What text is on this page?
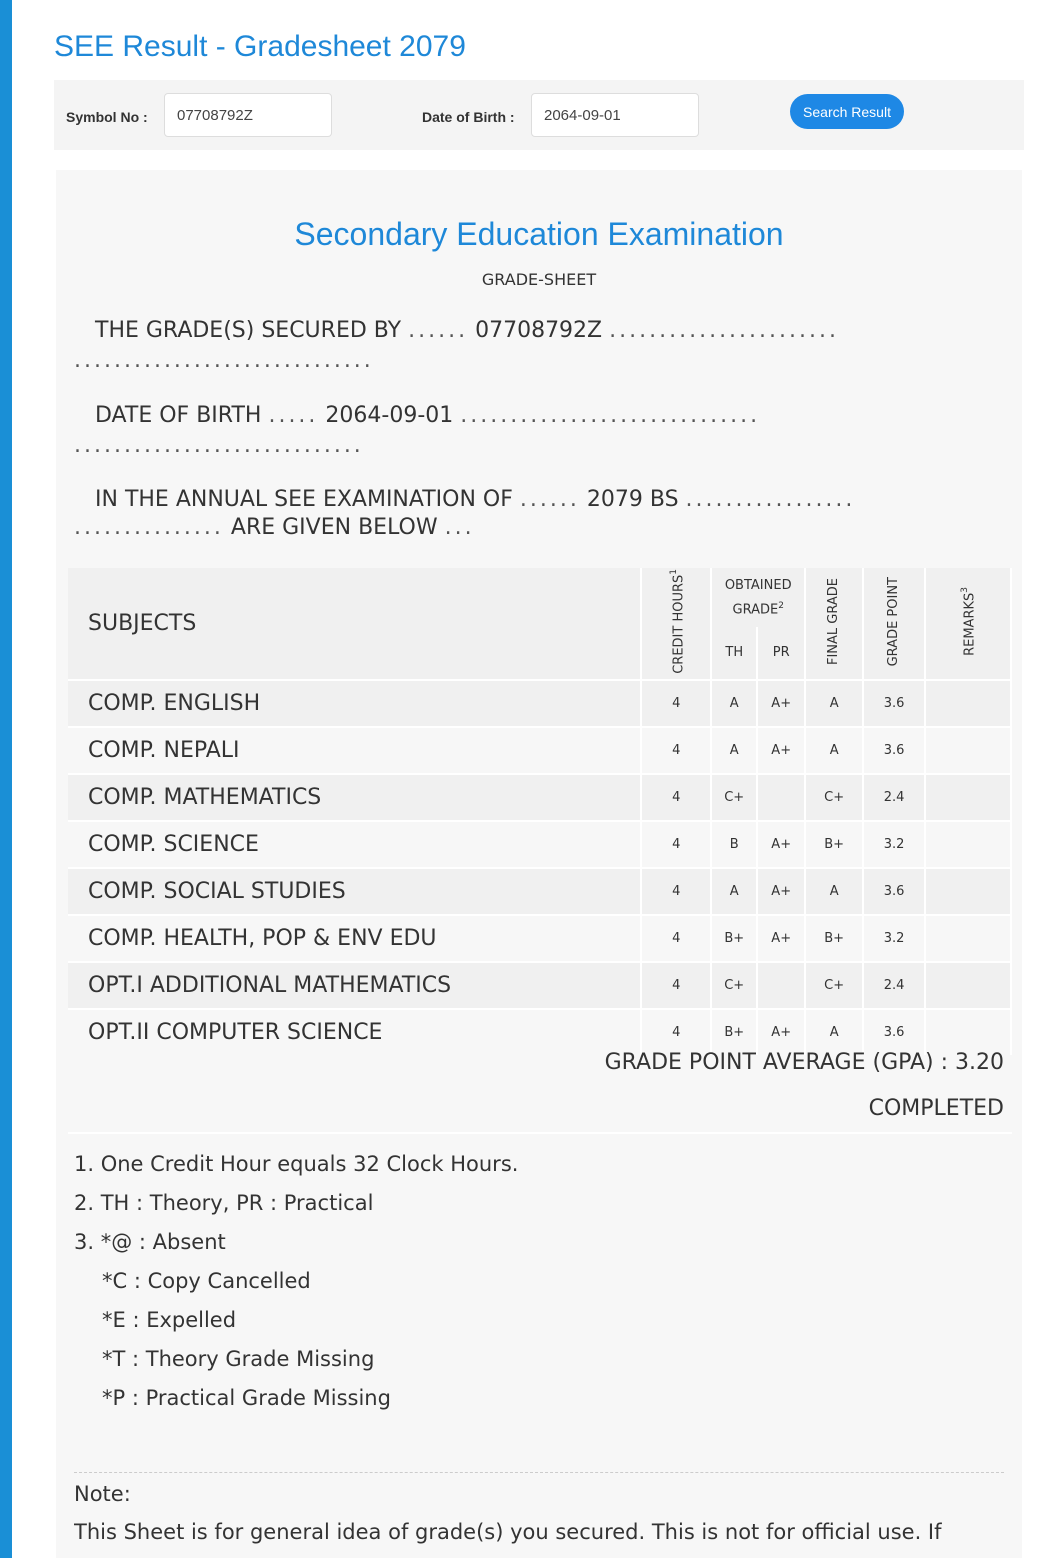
SEE Result - Gradesheet 2079
Symbol No :
07708792Z	Date of Birth :
2064-09-01	Search Result
Secondary Education Examination
GRADE-SHEET
THE GRADE(S) SECURED BY ...... 07708792Z .......................
..............................
DATE OF BIRTH ..... 2064-09-01 ..............................
.............................
IN THE ANNUAL SEE EXAMINATION OF ...... 2079 BS .................
............... ARE GIVEN BELOW ...
SUBJECTS	CREDIT HOURS$^1$	OBTAINED GRADE$^2$		FINAL GRADE	GRADE POINT	REMARKS$^3$
		TH	PR			
COMP. ENGLISH	4	A	A+	A	3.6	
COMP. NEPALI	4	A	A+	A	3.6	
COMP. MATHEMATICS	4	C+		C+	2.4	
COMP. SCIENCE	4	B	A+	B+	3.2	
COMP. SOCIAL STUDIES	4	A	A+	A	3.6	
COMP. HEALTH, POP & ENV EDU	4	B+	A+	B+	3.2	
OPT.I ADDITIONAL MATHEMATICS	4	C+		C+	2.4	
OPT.II COMPUTER SCIENCE	4	B+	A+	A	3.6	
GRADE POINT AVERAGE (GPA) : 3.20
COMPLETED
1. One Credit Hour equals 32 Clock Hours.
2. TH : Theory, PR : Practical
3. *@ : Absent
*C : Copy Cancelled
*E : Expelled
*T : Theory Grade Missing
*P : Practical Grade Missing
Note:
This Sheet is for general idea of grade(s) you secured. This is not for official use. If
